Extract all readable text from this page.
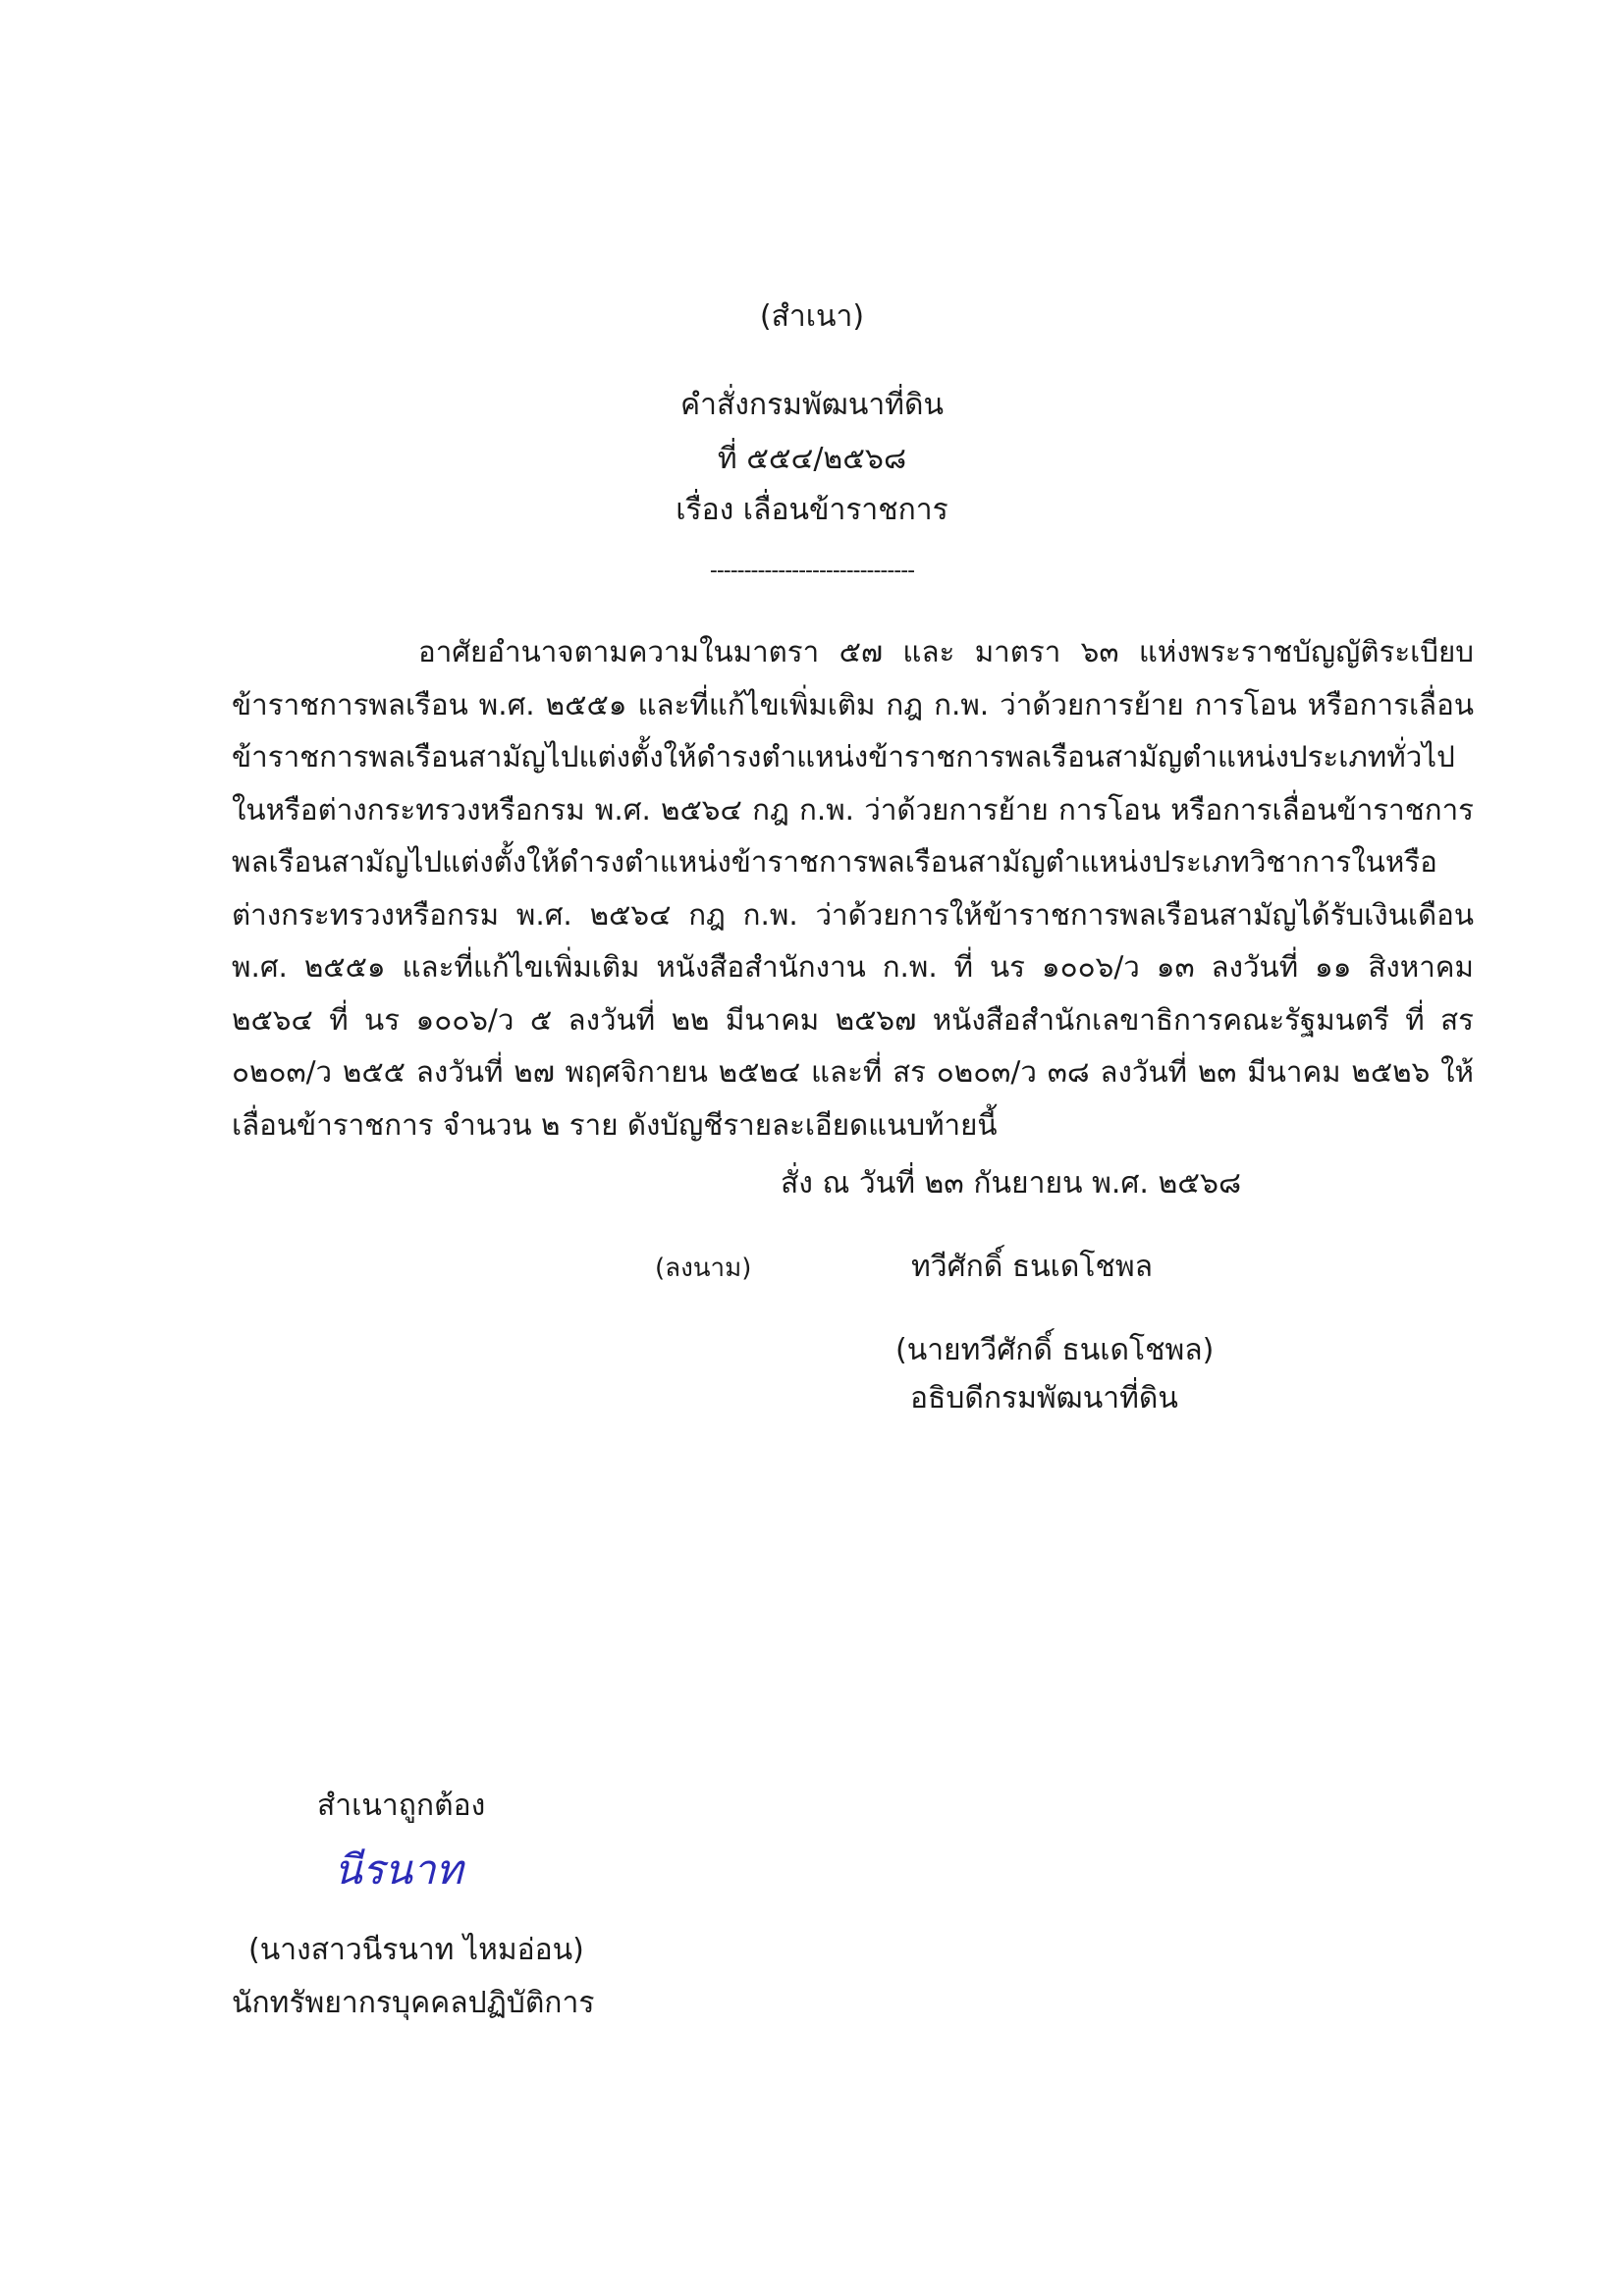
(สำเนา)
คำสั่งกรมพัฒนาที่ดิน
ที่ ๕๕๔/๒๕๖๘
เรื่อง เลื่อนข้าราชการ
------------------------------
อาศัยอำนาจตามความในมาตรา ๕๗ และ มาตรา ๖๓ แห่งพระราชบัญญัติระเบียบข้าราชการพลเรือน พ.ศ. ๒๕๕๑ และที่แก้ไขเพิ่มเติม กฎ ก.พ. ว่าด้วยการย้าย การโอน หรือการเลื่อนข้าราชการพลเรือนสามัญไปแต่งตั้งให้ดำรงตำแหน่งข้าราชการพลเรือนสามัญตำแหน่งประเภททั่วไปในหรือต่างกระทรวงหรือกรม พ.ศ. ๒๕๖๔ กฎ ก.พ. ว่าด้วยการย้าย การโอน หรือการเลื่อนข้าราชการพลเรือนสามัญไปแต่งตั้งให้ดำรงตำแหน่งข้าราชการพลเรือนสามัญตำแหน่งประเภทวิชาการในหรือต่างกระทรวงหรือกรม พ.ศ. ๒๕๖๔ กฎ ก.พ. ว่าด้วยการให้ข้าราชการพลเรือนสามัญได้รับเงินเดือน พ.ศ. ๒๕๕๑ และที่แก้ไขเพิ่มเติม หนังสือสำนักงาน ก.พ. ที่ นร ๑๐๐๖/ว ๑๓ ลงวันที่ ๑๑ สิงหาคม ๒๕๖๔ ที่ นร ๑๐๐๖/ว ๕ ลงวันที่ ๒๒ มีนาคม ๒๕๖๗ หนังสือสำนักเลขาธิการคณะรัฐมนตรี ที่ สร ๐๒๐๓/ว ๒๕๕ ลงวันที่ ๒๗ พฤศจิกายน ๒๕๒๔ และที่ สร ๐๒๐๓/ว ๓๘ ลงวันที่ ๒๓ มีนาคม ๒๕๒๖ ให้เลื่อนข้าราชการ จำนวน ๒ ราย ดังบัญชีรายละเอียดแนบท้ายนี้
สั่ง ณ วันที่ ๒๓ กันยายน พ.ศ. ๒๕๖๘
(ลงนาม)	ทวีศักดิ์ ธนเดโชพล
(นายทวีศักดิ์ ธนเดโชพล)
อธิบดีกรมพัฒนาที่ดิน
สำเนาถูกต้อง
นีรนาท
(นางสาวนีรนาท ไหมอ่อน)
นักทรัพยากรบุคคลปฏิบัติการ
